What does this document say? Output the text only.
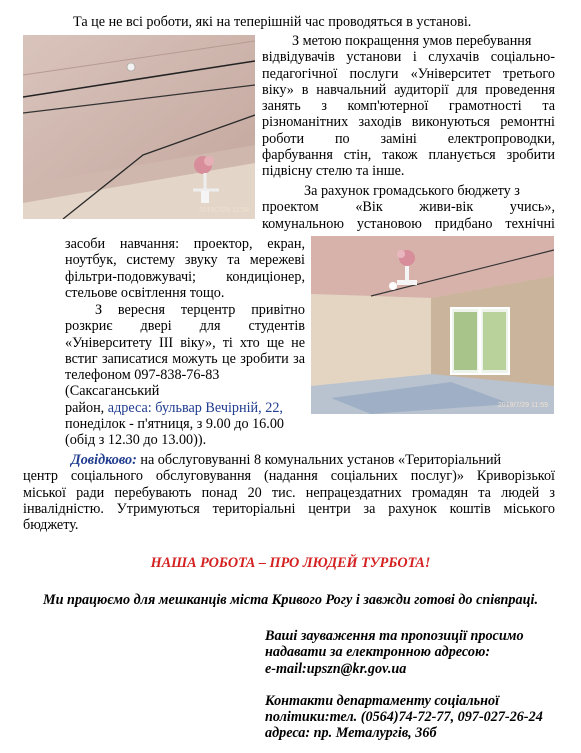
Та це не всі роботи, які на теперішній час проводяться в установі.

2019/7/29 11:58

З метою покращення умов перебування

відвідувачів установи і слухачів соціально-

педагогічної послуги «Університет третього

віку» в навчальний аудиторії для проведення

занять з комп'ютерної грамотності та

різноманітних заходів виконуються ремонтні

роботи по заміні електропроводки,

фарбування стін, також планується зробити

підвісну стелю та інше.

За рахунок громадського бюджету з

проектом «Вік живи-вік учись»,

комунальною установою придбано технічні

2019/7/29 11:59

засоби навчання: проектор, екран,

ноутбук, систему звуку та мережеві

фільтри-подовжувачі; кондиціонер,

стельове освітлення тощо.

З вересня терцентр привітно

розкриє двері для студентів

«Університету III віку», ті хто ще не

встиг записатися можуть це зробити за

телефоном 097-838-76-83 (Саксаганський

район, адреса: бульвар Вечірній, 22,

понеділок - п'ятниця, з 9.00 до 16.00

(обід з 12.30 до 13.00)).

Довідково: на обслуговуванні 8 комунальних установ «Територіальний

центр соціального обслуговування (надання соціальних послуг)» Криворізької

міської ради перебувають понад 20 тис. непрацездатних громадян та людей з

інвалідністю. Утримуються територіальні центри за рахунок коштів міського

бюджету.

НАША РОБОТА – ПРО ЛЮДЕЙ ТУРБОТА!

Ми працюємо для мешканців міста Кривого Рогу і завжди готові до співпраці.

Ваші зауваження та пропозиції просимо

надавати за електронною адресою:

e-mail:upszn@kr.gov.ua

Контакти департаменту соціальної

політики:тел. (0564)74-72-77, 097-027-26-24

адреса: пр. Металургів, 36б
